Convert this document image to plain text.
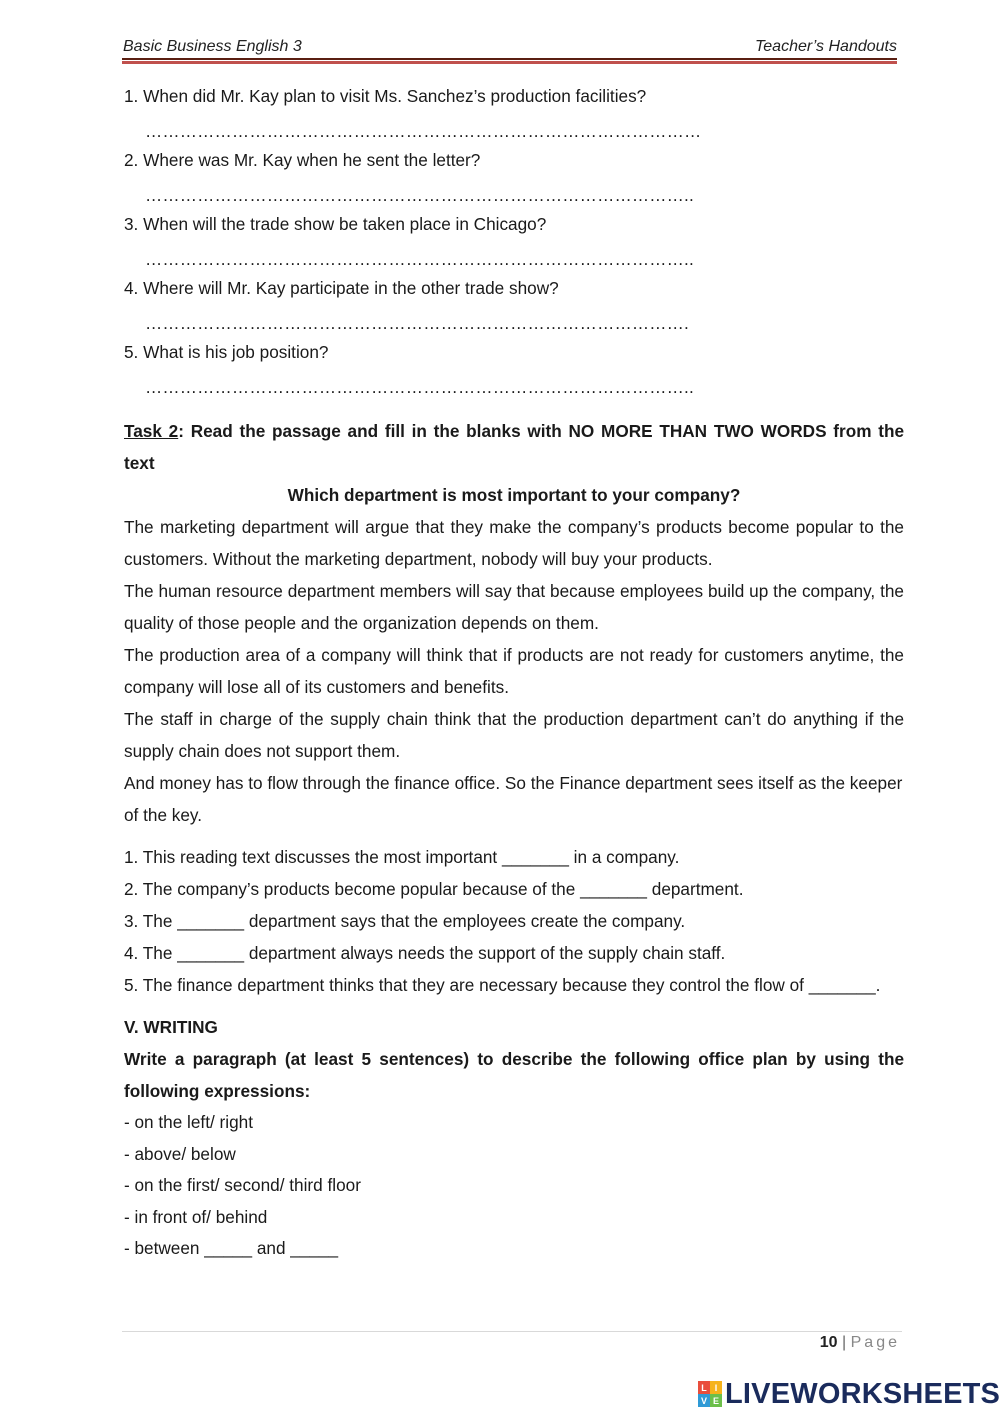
Basic Business English 3	Teacher’s Handouts

1. When did Mr. Kay plan to visit Ms. Sanchez’s production facilities?

……………………………………………………………………………………

2. Where was Mr. Kay when he sent the letter?

…………………………………………………………………………………..

3. When will the trade show be taken place in Chicago?

…………………………………………………………………………………..

4. Where will Mr. Kay participate in the other trade show?

………………………………………………………………………………….

5. What is his job position?

…………………………………………………………………………………..
Task 2: Read the passage and fill in the blanks with NO MORE THAN TWO WORDS from the text
Which department is most important to your company?

The marketing department will argue that they make the company’s products become popular to the customers. Without the marketing department, nobody will buy your products.

The human resource department members will say that because employees build up the company, the quality of those people and the organization depends on them.

The production area of a company will think that if products are not ready for customers anytime, the company will lose all of its customers and benefits.

The staff in charge of the supply chain think that the production department can’t do anything if the supply chain does not support them.

And money has to flow through the finance office. So the Finance department sees itself as the keeper of the key.

1. This reading text discusses the most important _______ in a company.

2. The company’s products become popular because of the _______ department.

3. The _______ department says that the employees create the company.

4. The _______ department always needs the support of the supply chain staff.

5. The finance department thinks that they are necessary because they control the flow of _______.

V. WRITING
Write a paragraph (at least 5 sentences) to describe the following office plan by using the following expressions:

- on the left/ right

- above/ below

- on the first/ second/ third floor

- in front of/ behind

- between _____ and _____

10 | Page
L I
V E LIVEWORKSHEETS
